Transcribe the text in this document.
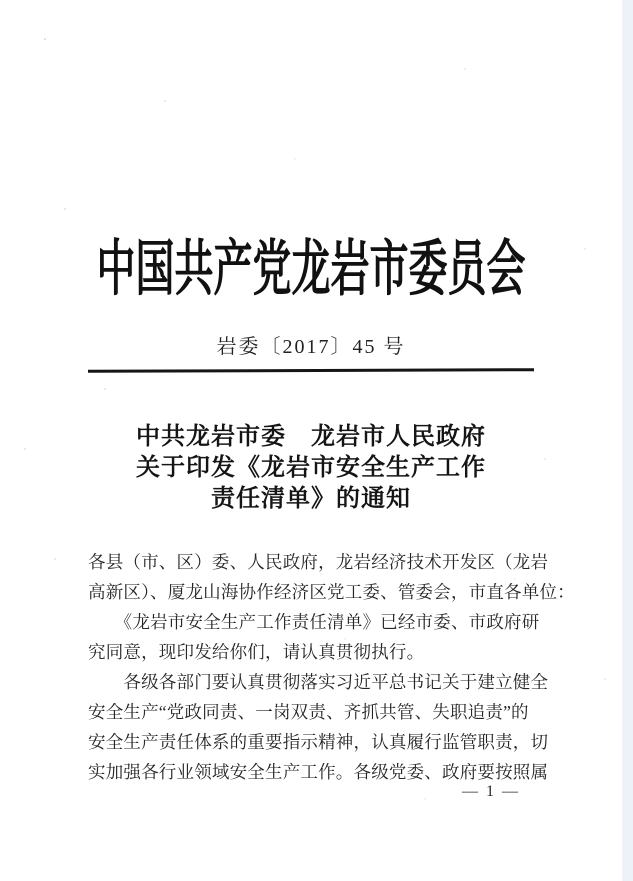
中国共产党龙岩市委员会
岩委〔2017〕45 号
中共龙岩市委　龙岩市人民政府
关于印发《龙岩市安全生产工作
责任清单》的通知
各县（市、区）委、人民政府，龙岩经济技术开发区（龙岩
高新区）、厦龙山海协作经济区党工委、管委会，市直各单位：
　　《龙岩市安全生产工作责任清单》已经市委、市政府研
究同意，现印发给你们，请认真贯彻执行。
　　各级各部门要认真贯彻落实习近平总书记关于建立健全
安全生产“党政同责、一岗双责、齐抓共管、失职追责”的
安全生产责任体系的重要指示精神，认真履行监管职责，切
实加强各行业领域安全生产工作。各级党委、政府要按照属
— 1 —
